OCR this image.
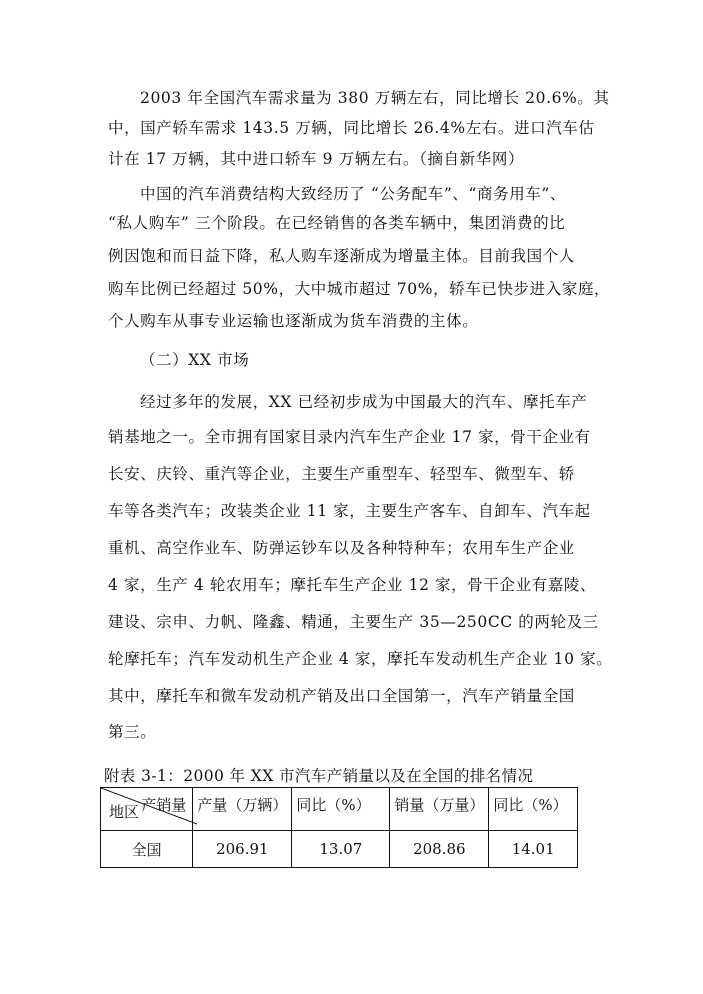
2003 年全国汽车需求量为 380 万辆左右，同比增长 20.6%。其
中，国产轿车需求 143.5 万辆，同比增长 26.4%左右。进口汽车估
计在 17 万辆，其中进口轿车 9 万辆左右。（摘自新华网）
中国的汽车消费结构大致经历了 “公务配车”、“商务用车”、
“私人购车” 三个阶段。在已经销售的各类车辆中，集团消费的比
例因饱和而日益下降，私人购车逐渐成为增量主体。目前我国个人
购车比例已经超过 50%，大中城市超过 70%，轿车已快步进入家庭，
个人购车从事专业运输也逐渐成为货车消费的主体。
（二）XX 市场
经过多年的发展，XX 已经初步成为中国最大的汽车、摩托车产
销基地之一。全市拥有国家目录内汽车生产企业 17 家，骨干企业有
长安、庆铃、重汽等企业，主要生产重型车、轻型车、微型车、轿
车等各类汽车；改装类企业 11 家，主要生产客车、自卸车、汽车起
重机、高空作业车、防弹运钞车以及各种特种车；农用车生产企业
4 家，生产 4 轮农用车；摩托车生产企业 12 家，骨干企业有嘉陵、
建设、宗申、力帆、隆鑫、精通，主要生产 35—250CC 的两轮及三
轮摩托车；汽车发动机生产企业 4 家，摩托车发动机生产企业 10 家。
其中，摩托车和微车发动机产销及出口全国第一，汽车产销量全国
第三。
附表 3-1：2000 年 XX 市汽车产销量以及在全国的排名情况
产销量
地区	产量（万辆）	同比（%）	销量（万量）	同比（%）
全国	206.91	13.07	208.86	14.01
